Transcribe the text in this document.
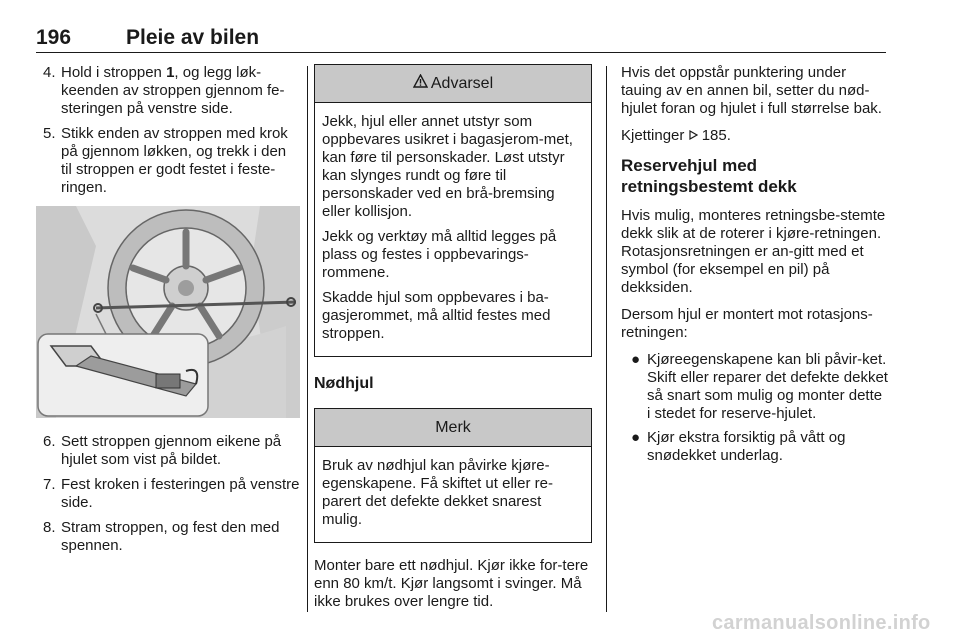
196	Pleie av bilen
4. Hold i stroppen 1, og legg løk-keenden av stroppen gjennom fe-steringen på venstre side.

5. Stikk enden av stroppen med krok på gjennom løkken, og trekk i den til stroppen er godt festet i feste-ringen.

6. Sett stroppen gjennom eikene på hjulet som vist på bildet.

7. Fest kroken i festeringen på venstre side.

8. Stram stroppen, og fest den med spennen.

Advarsel

Jekk, hjul eller annet utstyr som oppbevares usikret i bagasjerom-met, kan føre til personskader. Løst utstyr kan slynges rundt og føre til personskader ved en brå-bremsing eller kollisjon.

Jekk og verktøy må alltid legges på plass og festes i oppbevarings-rommene.

Skadde hjul som oppbevares i ba-gasjerommet, må alltid festes med stroppen.

Nødhjul
Merk

Bruk av nødhjul kan påvirke kjøre-egenskapene. Få skiftet ut eller re-parert det defekte dekket snarest mulig.

Monter bare ett nødhjul. Kjør ikke for-tere enn 80 km/t. Kjør langsomt i svinger. Må ikke brukes over lengre tid.

Hvis det oppstår punktering under tauing av en annen bil, setter du nød-hjulet foran og hjulet i full størrelse bak.

Kjettinger 185.

Reservehjul med retningsbestemt dekk

Hvis mulig, monteres retningsbe-stemte dekk slik at de roterer i kjøre-retningen. Rotasjonsretningen er an-gitt med et symbol (for eksempel en pil) på dekksiden.

Dersom hjul er montert mot rotasjons-retningen:

● Kjøreegenskapene kan bli påvir-ket. Skift eller reparer det defekte dekket så snart som mulig og monter dette i stedet for reserve-hjulet.
● Kjør ekstra forsiktig på vått og snødekket underlag.
carmanualsonline.info
